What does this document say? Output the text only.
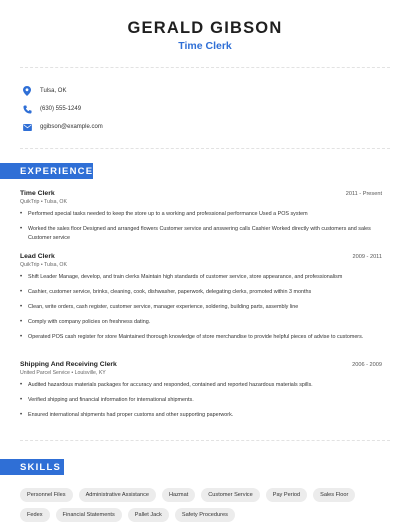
GERALD GIBSON
Time Clerk
Tulsa, OK
(630) 555-1249
ggibson@example.com
EXPERIENCE
Time Clerk	2011 - Present
QuikTrip • Tulsa, OK
•	Performed special tasks needed to keep the store up to a working and professional performance Used a POS system
•	Worked the sales floor Designed and arranged flowers Customer service and answering calls Cashier Worked directly with customers and sales Customer service
Lead Clerk	2009 - 2011
QuikTrip • Tulsa, OK
•	Shift Leader Manage, develop, and train clerks Maintain high standards of customer service, store appearance, and professionalism
•	Cashier, customer service, brinks, cleaning, cook, dishwasher, paperwork, delegating clerks, promoted within 3 months
•	Clean, write orders, cash register, customer service, manager experience, soldering, building parts, assembly line
•	Comply with company policies on freshness dating.
•	Operated POS cash register for store Maintained thorough knowledge of store merchandise to provide helpful pieces of advise to customers.
Shipping And Receiving Clerk	2006 - 2009
United Parcel Service • Louisville, KY
•	Audited hazardous materials packages for accuracy and responded, contained and reported hazardous materials spills.
•	Verified shipping and financial information for international shipments.
•	Ensured international shipments had proper customs and other supporting paperwork.
SKILLS
Personnel Files	Administrative Assistance	Hazmat	Customer Service	Pay Period	Sales Floor
Fedex	Financial Statements	Pallet Jack	Safety Procedures
